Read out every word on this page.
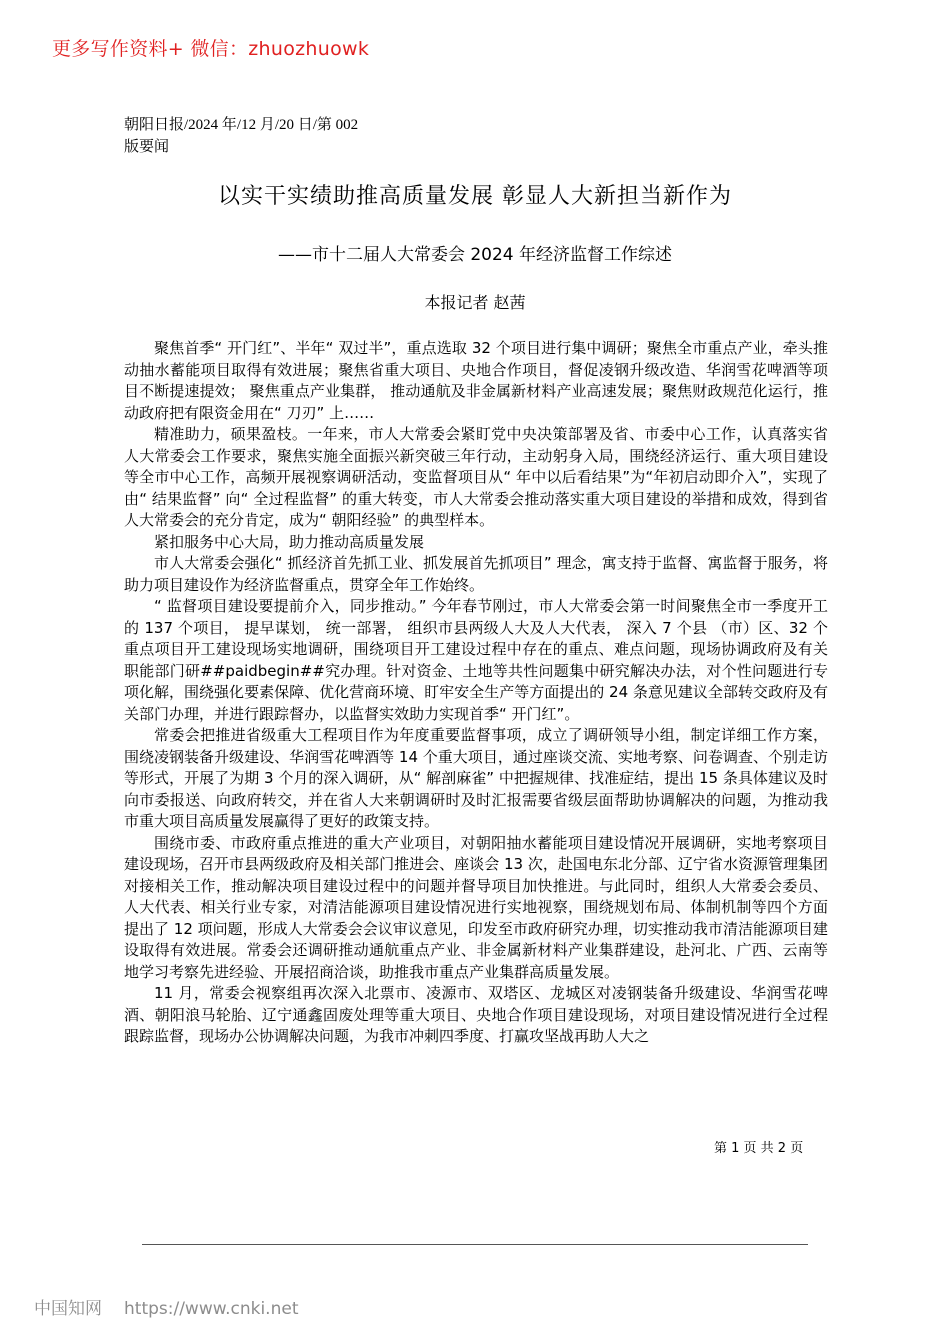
更多写作资料+ 微信：zhuozhuowk
朝阳日报/2024 年/12 月/20 日/第 002
版要闻
以实干实绩助推高质量发展 彰显人大新担当新作为
——市十二届人大常委会 2024 年经济监督工作综述
本报记者 赵茜

聚焦首季“ 开门红”、半年“ 双过半”，重点选取 32 个项目进行集中调研；聚焦全市重点产业，牵头推动抽水蓄能项目取得有效进展；聚焦省重大项目、央地合作项目，督促凌钢升级改造、华润雪花啤酒等项目不断提速提效； 聚焦重点产业集群， 推动通航及非金属新材料产业高速发展；聚焦财政规范化运行，推动政府把有限资金用在“ 刀刃” 上……

精准助力，硕果盈枝。一年来，市人大常委会紧盯党中央决策部署及省、市委中心工作，认真落实省人大常委会工作要求，聚焦实施全面振兴新突破三年行动，主动躬身入局，围绕经济运行、重大项目建设等全市中心工作，高频开展视察调研活动，变监督项目从“ 年中以后看结果”为“年初启动即介入”，实现了由“ 结果监督” 向“ 全过程监督” 的重大转变，市人大常委会推动落实重大项目建设的举措和成效，得到省人大常委会的充分肯定，成为“ 朝阳经验” 的典型样本。

紧扣服务中心大局，助力推动高质量发展

市人大常委会强化“ 抓经济首先抓工业、抓发展首先抓项目” 理念，寓支持于监督、寓监督于服务，将助力项目建设作为经济监督重点，贯穿全年工作始终。

“ 监督项目建设要提前介入，同步推动。” 今年春节刚过，市人大常委会第一时间聚焦全市一季度开工的 137 个项目， 提早谋划， 统一部署， 组织市县两级人大及人大代表， 深入 7 个县 （市）区、32 个重点项目开工建设现场实地调研，围绕项目开工建设过程中存在的重点、难点问题，现场协调政府及有关职能部门研##paidbegin##究办理。针对资金、土地等共性问题集中研究解决办法，对个性问题进行专项化解，围绕强化要素保障、优化营商环境、盯牢安全生产等方面提出的 24 条意见建议全部转交政府及有关部门办理，并进行跟踪督办，以监督实效助力实现首季“ 开门红”。

常委会把推进省级重大工程项目作为年度重要监督事项，成立了调研领导小组，制定详细工作方案，围绕凌钢装备升级建设、华润雪花啤酒等 14 个重大项目，通过座谈交流、实地考察、问卷调查、个别走访等形式，开展了为期 3 个月的深入调研，从“ 解剖麻雀” 中把握规律、找准症结，提出 15 条具体建议及时向市委报送、向政府转交，并在省人大来朝调研时及时汇报需要省级层面帮助协调解决的问题，为推动我市重大项目高质量发展赢得了更好的政策支持。

围绕市委、市政府重点推进的重大产业项目，对朝阳抽水蓄能项目建设情况开展调研，实地考察项目建设现场，召开市县两级政府及相关部门推进会、座谈会 13 次，赴国电东北分部、辽宁省水资源管理集团对接相关工作，推动解决项目建设过程中的问题并督导项目加快推进。与此同时，组织人大常委会委员、人大代表、相关行业专家，对清洁能源项目建设情况进行实地视察，围绕规划布局、体制机制等四个方面提出了 12 项问题，形成人大常委会会议审议意见，印发至市政府研究办理，切实推动我市清洁能源项目建设取得有效进展。常委会还调研推动通航重点产业、非金属新材料产业集群建设，赴河北、广西、云南等地学习考察先进经验、开展招商洽谈，助推我市重点产业集群高质量发展。

11 月，常委会视察组再次深入北票市、凌源市、双塔区、龙城区对凌钢装备升级建设、华润雪花啤酒、朝阳浪马轮胎、辽宁通鑫固废处理等重大项目、央地合作项目建设现场，对项目建设情况进行全过程跟踪监督，现场办公协调解决问题，为我市冲刺四季度、打赢攻坚战再助人大之

第 1 页 共 2 页
中国知网 https://www.cnki.net
